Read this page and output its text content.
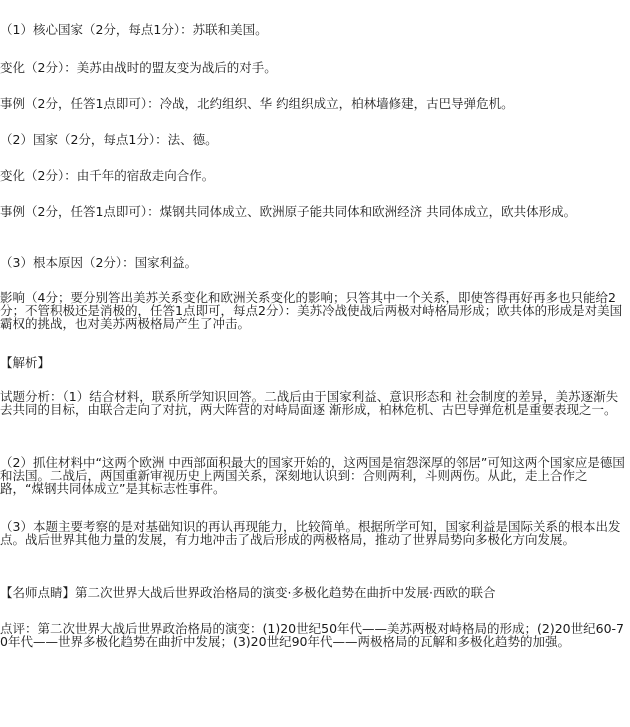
（1）核心国家（2分，每点1分）：苏联和美国。

变化（2分）：美苏由战时的盟友变为战后的对手。

事例（2分，任答1点即可）：冷战，北约组织、华 约组织成立，柏林墙修建，古巴导弹危机。

（2）国家（2分，每点1分）：法、德。

变化（2分）：由千年的宿敌走向合作。

事例（2分，任答1点即可）：煤钢共同体成立、欧洲原子能共同体和欧洲经济 共同体成立，欧共体形成。

（3）根本原因（2分）：国家利益。

影响（4分；要分别答出美苏关系变化和欧洲关系变化的影响；只答其中一个关系，即使答得再好再多也只能给2分；不管积极还是消极的，任答1点即可，每点2分）：美苏冷战使战后两极对峙格局形成；欧共体的形成是对美国霸权的挑战，也对美苏两极格局产生了冲击。

【解析】

试题分析：（1）结合材料，联系所学知识回答。二战后由于国家利益、意识形态和 社会制度的差异，美苏逐渐失去共同的目标，由联合走向了对抗，两大阵营的对峙局面逐 渐形成，柏林危机、古巴导弹危机是重要表现之一。

（2）抓住材料中“这两个欧洲 中西部面积最大的国家开始的，这两国是宿怨深厚的邻居”可知这两个国家应是德国和法国。二战后，两国重新审视历史上两国关系，深刻地认识到：合则两利，斗则两伤。从此，走上合作之路，“煤钢共同体成立”是其标志性事件。

（3）本题主要考察的是对基础知识的再认再现能力，比较简单。根据所学可知，国家利益是国际关系的根本出发点。战后世界其他力量的发展，有力地冲击了战后形成的两极格局，推动了世界局势向多极化方向发展。

【名师点睛】第二次世界大战后世界政治格局的演变·多极化趋势在曲折中发展·西欧的联合

点评：第二次世界大战后世界政治格局的演变：(1)20世纪50年代——美苏两极对峙格局的形成；(2)20世纪60-70年代——世界多极化趋势在曲折中发展；(3)20世纪90年代——两极格局的瓦解和多极化趋势的加强。
